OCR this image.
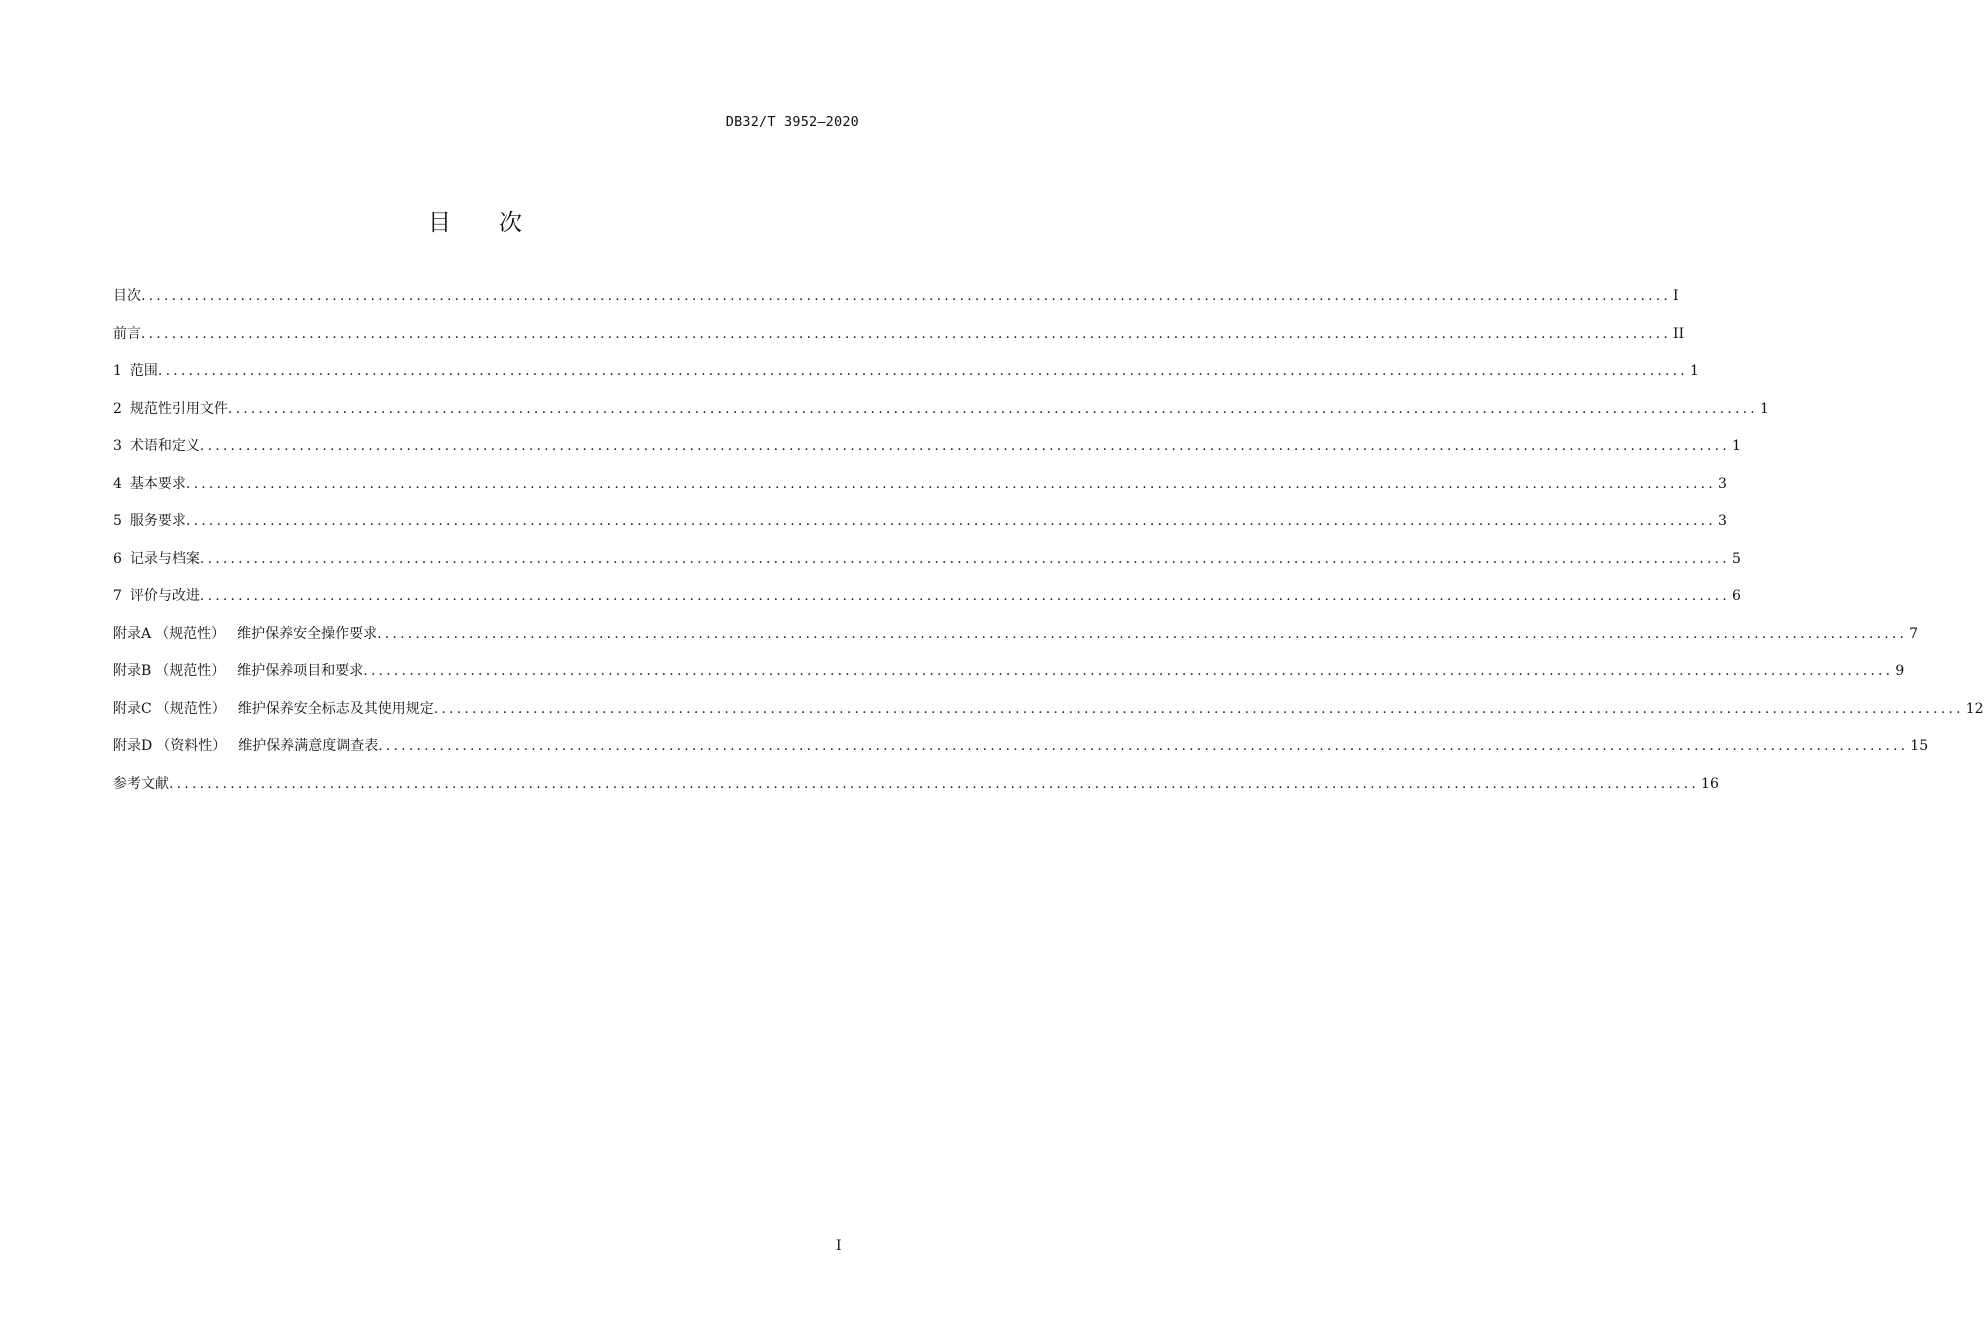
DB32/T 3952—2020
目次
目次 ........................................................................................................................................................................................................ I
前言 ........................................................................................................................................................................................................ II
1 范围 ........................................................................................................................................................................................................ 1
2 规范性引用文件 ........................................................................................................................................................................................................ 1
3 术语和定义 ........................................................................................................................................................................................................ 1
4 基本要求 ........................................................................................................................................................................................................ 3
5 服务要求 ........................................................................................................................................................................................................ 3
6 记录与档案 ........................................................................................................................................................................................................ 5
7 评价与改进 ........................................................................................................................................................................................................ 6
附录A （规范性） 维护保养安全操作要求 ........................................................................................................................................................................................................ 7
附录B （规范性） 维护保养项目和要求 ........................................................................................................................................................................................................ 9
附录C （规范性） 维护保养安全标志及其使用规定 ........................................................................................................................................................................................................ 12
附录D （资料性） 维护保养满意度调查表 ........................................................................................................................................................................................................ 15
参考文献 ........................................................................................................................................................................................................ 16
I
